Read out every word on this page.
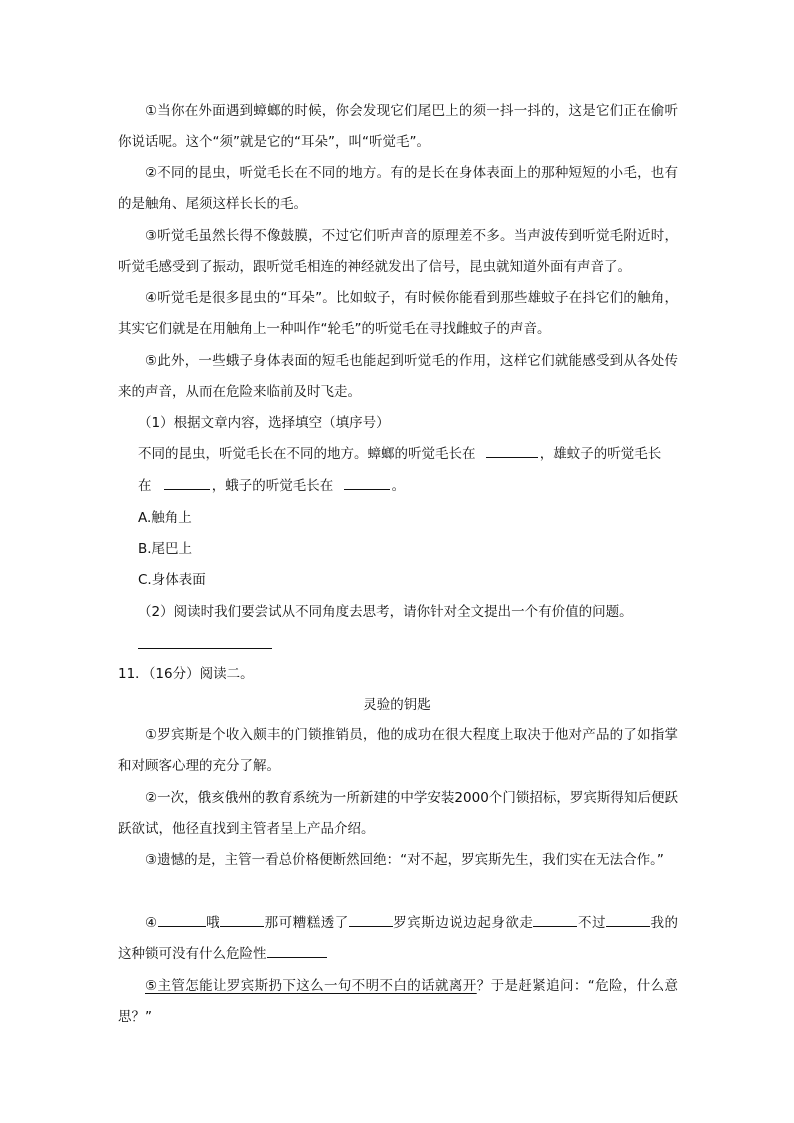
①当你在外面遇到蟑螂的时候，你会发现它们尾巴上的须一抖一抖的，这是它们正在偷听你说话呢。这个“须”就是它的“耳朵”，叫“听觉毛”。

②不同的昆虫，听觉毛长在不同的地方。有的是长在身体表面上的那种短短的小毛，也有的是触角、尾须这样长长的毛。

③听觉毛虽然长得不像鼓膜，不过它们听声音的原理差不多。当声波传到听觉毛附近时，听觉毛感受到了振动，跟听觉毛相连的神经就发出了信号，昆虫就知道外面有声音了。

④听觉毛是很多昆虫的“耳朵”。比如蚊子，有时候你能看到那些雄蚊子在抖它们的触角，其实它们就是在用触角上一种叫作“轮毛”的听觉毛在寻找雌蚊子的声音。

⑤此外，一些蛾子身体表面的短毛也能起到听觉毛的作用，这样它们就能感受到从各处传来的声音，从而在危险来临前及时飞走。

（1）根据文章内容，选择填空（填序号）
不同的昆虫，听觉毛长在不同的地方。蟑螂的听觉毛长在	，雄蚊子的听觉毛长
在	，蛾子的听觉毛长在	。
A.触角上
B.尾巴上
C.身体表面
（2）阅读时我们要尝试从不同角度去思考，请你针对全文提出一个有价值的问题。
11．（16分）阅读二。
灵验的钥匙

①罗宾斯是个收入颇丰的门锁推销员，他的成功在很大程度上取决于他对产品的了如指掌和对顾客心理的充分了解。

②一次，俄亥俄州的教育系统为一所新建的中学安装2000个门锁招标，罗宾斯得知后便跃跃欲试，他径直找到主管者呈上产品介绍。

③遗憾的是，主管一看总价格便断然回绝：“对不起，罗宾斯先生，我们实在无法合作。”

④	哦	那可糟糕透了	罗宾斯边说边起身欲走	不过	我的这种锁可没有什么危险性

⑤主管怎能让罗宾斯扔下这么一句不明不白的话就离开？于是赶紧追问：“危险，什么意思？”
